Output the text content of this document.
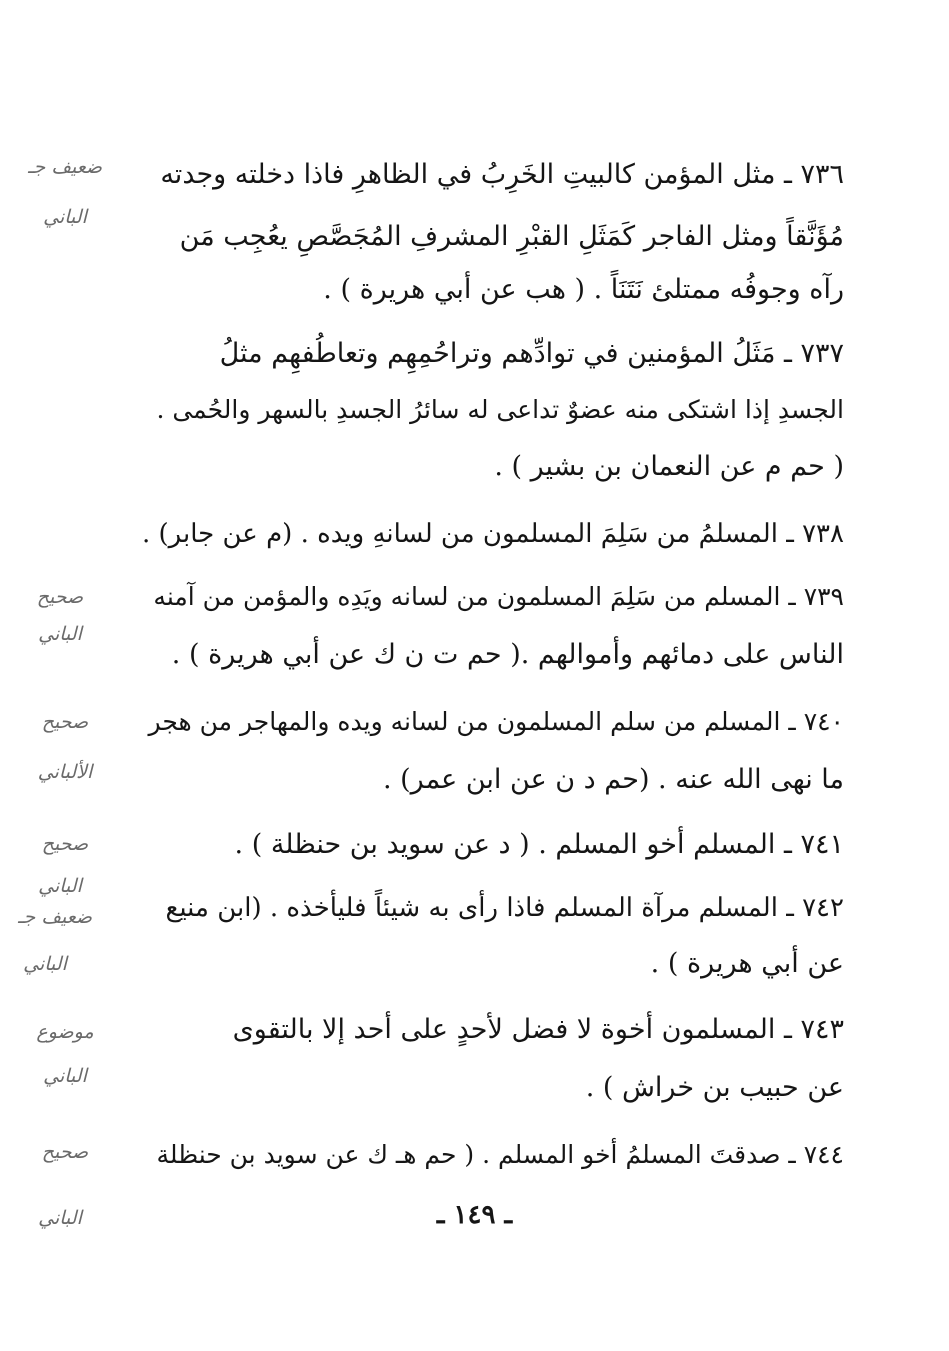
٧٣٦ ـ مثل المؤمن كالبيتِ الخَرِبُ في الظاهرِ فاذا دخلته وجدته
مُؤَنَّقاً ومثل الفاجر كَمَثَلِ القبْرِ المشرفِ المُجَصَّصِ يعُجِب مَن
رآه وجوفُه ممتلئ نَتَنَاً . ( هب عن أبي هريرة ) .
٧٣٧ ـ مَثَلُ المؤمنين في توادِّهم وتراحُمِهِم وتعاطُفهِم مثلُ
الجسدِ إذا اشتكى منه عضوٌ تداعى له سائرُ الجسدِ بالسهر والحُمى .
( حم م عن النعمان بن بشير ) .
٧٣٨ ـ المسلمُ من سَلِمَ المسلمون من لسانهِ ويده . (م عن جابر) .
٧٣٩ ـ المسلم من سَلِمَ المسلمون من لسانه ويَدِه والمؤمن من آمنه
الناس على دمائهم وأموالهم .( حم ت ن ك عن أبي هريرة ) .
٧٤٠ ـ المسلم من سلم المسلمون من لسانه ويده والمهاجر من هجر
ما نهى الله عنه . (حم د ن عن ابن عمر) .
٧٤١ ـ المسلم أخو المسلم . ( د عن سويد بن حنظلة ) .
٧٤٢ ـ المسلم مرآة المسلم فاذا رأى به شيئاً فليأخذه . (ابن منيع
عن أبي هريرة ) .
٧٤٣ ـ المسلمون أخوة لا فضل لأحدٍ على أحد إلا بالتقوى
عن حبيب بن خراش ) .
٧٤٤ ـ صدقتَ المسلمُ أخو المسلم . ( حم هـ ك عن سويد بن حنظلة
ضعيف جـ
الباني
صحيح
الباني
صحيح
الألباني
صحيح
الباني
ضعيف جـ
الباني
موضوع
الباني
صحيح
الباني	ـ ١٤٩ ـ
